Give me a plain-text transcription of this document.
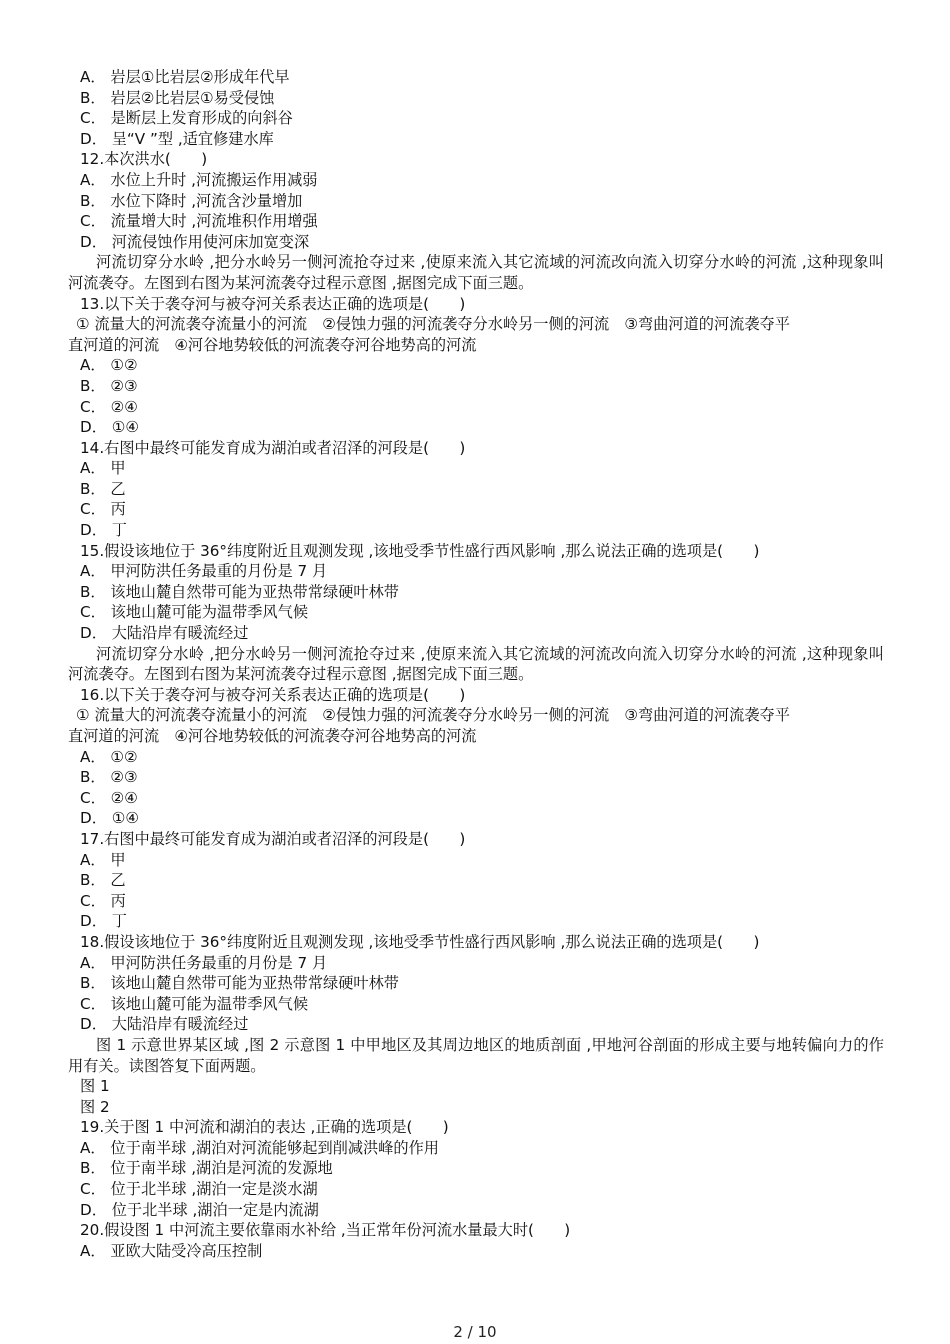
A． 岩层①比岩层②形成年代早
B． 岩层②比岩层①易受侵蚀
C． 是断层上发育形成的向斜谷
D． 呈“V ”型 ,适宜修建水库
12.本次洪水(　　)
A． 水位上升时 ,河流搬运作用减弱
B． 水位下降时 ,河流含沙量增加
C． 流量增大时 ,河流堆积作用增强
D． 河流侵蚀作用使河床加宽变深
河流切穿分水岭 ,把分水岭另一侧河流抢夺过来 ,使原来流入其它流域的河流改向流入切穿分水岭的河流 ,这种现象叫河流袭夺。左图到右图为某河流袭夺过程示意图 ,据图完成下面三题。
13.以下关于袭夺河与被夺河关系表达正确的选项是(　　)
① 流量大的河流袭夺流量小的河流　②侵蚀力强的河流袭夺分水岭另一侧的河流　③弯曲河道的河流袭夺平
直河道的河流　④河谷地势较低的河流袭夺河谷地势高的河流
A． ①②
B． ②③
C． ②④
D． ①④
14.右图中最终可能发育成为湖泊或者沼泽的河段是(　　)
A． 甲
B． 乙
C． 丙
D． 丁
15.假设该地位于 36°纬度附近且观测发现 ,该地受季节性盛行西风影响 ,那么说法正确的选项是(　　)
A． 甲河防洪任务最重的月份是 7 月
B． 该地山麓自然带可能为亚热带常绿硬叶林带
C． 该地山麓可能为温带季风气候
D． 大陆沿岸有暖流经过
河流切穿分水岭 ,把分水岭另一侧河流抢夺过来 ,使原来流入其它流域的河流改向流入切穿分水岭的河流 ,这种现象叫河流袭夺。左图到右图为某河流袭夺过程示意图 ,据图完成下面三题。
16.以下关于袭夺河与被夺河关系表达正确的选项是(　　)
① 流量大的河流袭夺流量小的河流　②侵蚀力强的河流袭夺分水岭另一侧的河流　③弯曲河道的河流袭夺平
直河道的河流　④河谷地势较低的河流袭夺河谷地势高的河流
A． ①②
B． ②③
C． ②④
D． ①④
17.右图中最终可能发育成为湖泊或者沼泽的河段是(　　)
A． 甲
B． 乙
C． 丙
D． 丁
18.假设该地位于 36°纬度附近且观测发现 ,该地受季节性盛行西风影响 ,那么说法正确的选项是(　　)
A． 甲河防洪任务最重的月份是 7 月
B． 该地山麓自然带可能为亚热带常绿硬叶林带
C． 该地山麓可能为温带季风气候
D． 大陆沿岸有暖流经过
图 1 示意世界某区域 ,图 2 示意图 1 中甲地区及其周边地区的地质剖面 ,甲地河谷剖面的形成主要与地转偏向力的作用有关。读图答复下面两题。
图 1
图 2
19.关于图 1 中河流和湖泊的表达 ,正确的选项是(　　)
A． 位于南半球 ,湖泊对河流能够起到削减洪峰的作用
B． 位于南半球 ,湖泊是河流的发源地
C． 位于北半球 ,湖泊一定是淡水湖
D． 位于北半球 ,湖泊一定是内流湖
20.假设图 1 中河流主要依靠雨水补给 ,当正常年份河流水量最大时(　　)
A． 亚欧大陆受冷高压控制
2 / 10
